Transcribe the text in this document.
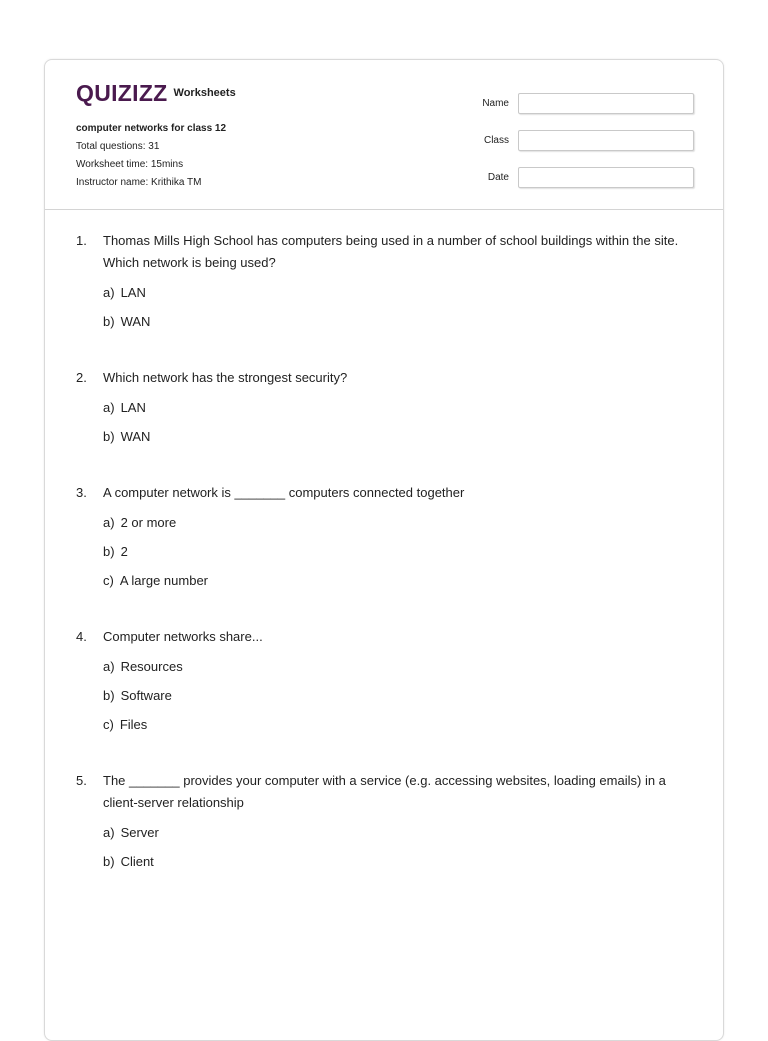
QUIZIZZ Worksheets
computer networks for class 12
Total questions: 31
Worksheet time: 15mins
Instructor name: Krithika TM
Name
Class
Date
1.	Thomas Mills High School has computers being used in a number of school buildings within the site. Which network is being used?
a) LAN
b) WAN
2.	Which network has the strongest security?
a) LAN
b) WAN
3.	A computer network is _______ computers connected together
a) 2 or more
b) 2
c) A large number
4.	Computer networks share...
a) Resources
b) Software
c) Files
5.	The _______ provides your computer with a service (e.g. accessing websites, loading emails) in a client-server relationship
a) Server
b) Client
